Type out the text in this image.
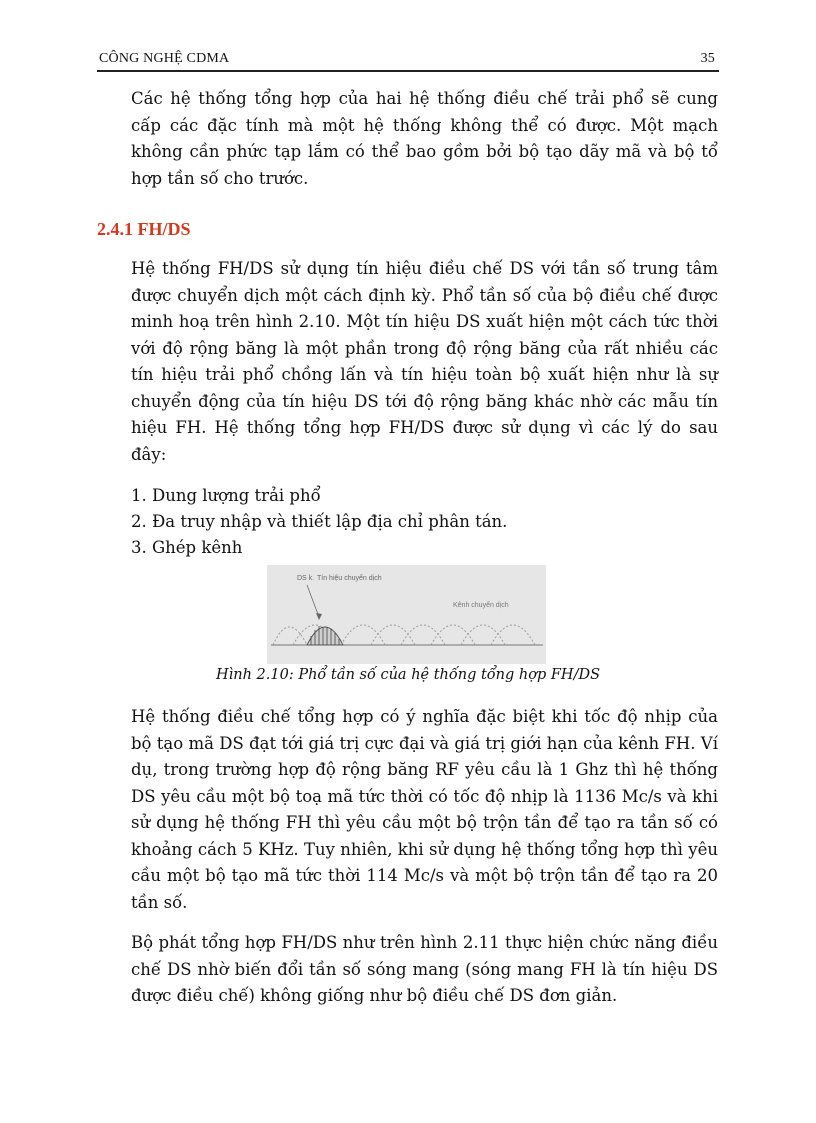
CÔNG NGHỆ CDMA	35

Các hệ thống tổng hợp của hai hệ thống điều chế trải phổ sẽ cung cấp các đặc tính mà một hệ thống không thể có được. Một mạch không cần phức tạp lắm có thể bao gồm bởi bộ tạo dãy mã và bộ tổ hợp tần số cho trước.

2.4.1 FH/DS

Hệ thống FH/DS sử dụng tín hiệu điều chế DS với tần số trung tâm được chuyển dịch một cách định kỳ. Phổ tần số của bộ điều chế được minh hoạ trên hình 2.10. Một tín hiệu DS xuất hiện một cách tức thời với độ rộng băng là một phần trong độ rộng băng của rất nhiều các tín hiệu trải phổ chồng lấn và tín hiệu toàn bộ xuất hiện như là sự chuyển động của tín hiệu DS tới độ rộng băng khác nhờ các mẫu tín hiệu FH. Hệ thống tổng hợp FH/DS được sử dụng vì các lý do sau đây:

1. Dung lượng trải phổ
2. Đa truy nhập và thiết lập địa chỉ phân tán.
3. Ghép kênh
DS k. Tín hiệu chuyển dịch
Kênh chuyển dịch
Hình 2.10: Phổ tần số của hệ thống tổng hợp FH/DS

Hệ thống điều chế tổng hợp có ý nghĩa đặc biệt khi tốc độ nhịp của bộ tạo mã DS đạt tới giá trị cực đại và giá trị giới hạn của kênh FH. Ví dụ, trong trường hợp độ rộng băng RF yêu cầu là 1 Ghz thì hệ thống DS yêu cầu một bộ toạ mã tức thời có tốc độ nhịp là 1136 Mc/s và khi sử dụng hệ thống FH thì yêu cầu một bộ trộn tần để tạo ra tần số có khoảng cách 5 KHz. Tuy nhiên, khi sử dụng hệ thống tổng hợp thì yêu cầu một bộ tạo mã tức thời 114 Mc/s và một bộ trộn tần để tạo ra 20 tần số.

Bộ phát tổng hợp FH/DS như trên hình 2.11 thực hiện chức năng điều chế DS nhờ biến đổi tần số sóng mang (sóng mang FH là tín hiệu DS được điều chế) không giống như bộ điều chế DS đơn giản.
